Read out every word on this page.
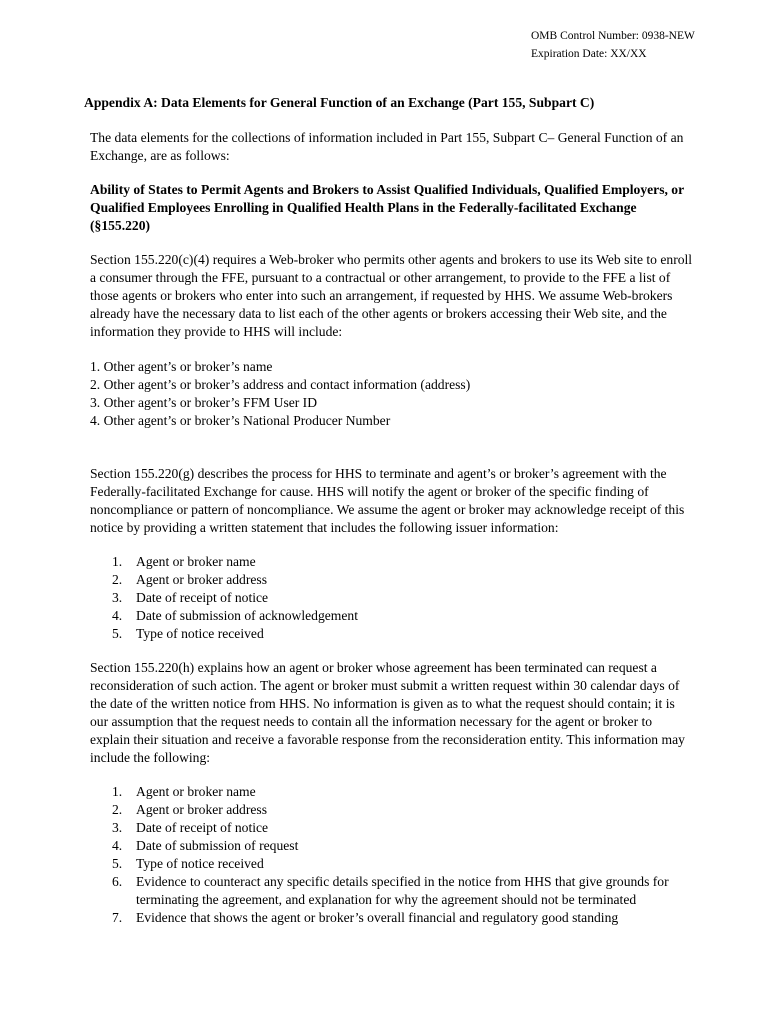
OMB Control Number: 0938-NEW
Expiration Date: XX/XX
Appendix A: Data Elements for General Function of an Exchange (Part 155, Subpart C)

The data elements for the collections of information included in Part 155, Subpart C– General Function of an Exchange, are as follows:

Ability of States to Permit Agents and Brokers to Assist Qualified Individuals, Qualified Employers, or Qualified Employees Enrolling in Qualified Health Plans in the Federally-facilitated Exchange (§155.220)

Section 155.220(c)(4) requires a Web-broker who permits other agents and brokers to use its Web site to enroll a consumer through the FFE, pursuant to a contractual or other arrangement, to provide to the FFE a list of those agents or brokers who enter into such an arrangement, if requested by HHS. We assume Web-brokers already have the necessary data to list each of the other agents or brokers accessing their Web site, and the information they provide to HHS will include:

1. Other agent’s or broker’s name
2. Other agent’s or broker’s address and contact information (address)
3. Other agent’s or broker’s FFM User ID
4. Other agent’s or broker’s National Producer Number

Section 155.220(g) describes the process for HHS to terminate and agent’s or broker’s agreement with the Federally-facilitated Exchange for cause. HHS will notify the agent or broker of the specific finding of noncompliance or pattern of noncompliance. We assume the agent or broker may acknowledge receipt of this notice by providing a written statement that includes the following issuer information:

1.	Agent or broker name
2.	Agent or broker address
3.	Date of receipt of notice
4.	Date of submission of acknowledgement
5.	Type of notice received

Section 155.220(h) explains how an agent or broker whose agreement has been terminated can request a reconsideration of such action. The agent or broker must submit a written request within 30 calendar days of the date of the written notice from HHS. No information is given as to what the request should contain; it is our assumption that the request needs to contain all the information necessary for the agent or broker to explain their situation and receive a favorable response from the reconsideration entity. This information may include the following:

1.	Agent or broker name
2.	Agent or broker address
3.	Date of receipt of notice
4.	Date of submission of request
5.	Type of notice received
6.	Evidence to counteract any specific details specified in the notice from HHS that give grounds for terminating the agreement, and explanation for why the agreement should not be terminated
7.	Evidence that shows the agent or broker’s overall financial and regulatory good standing
